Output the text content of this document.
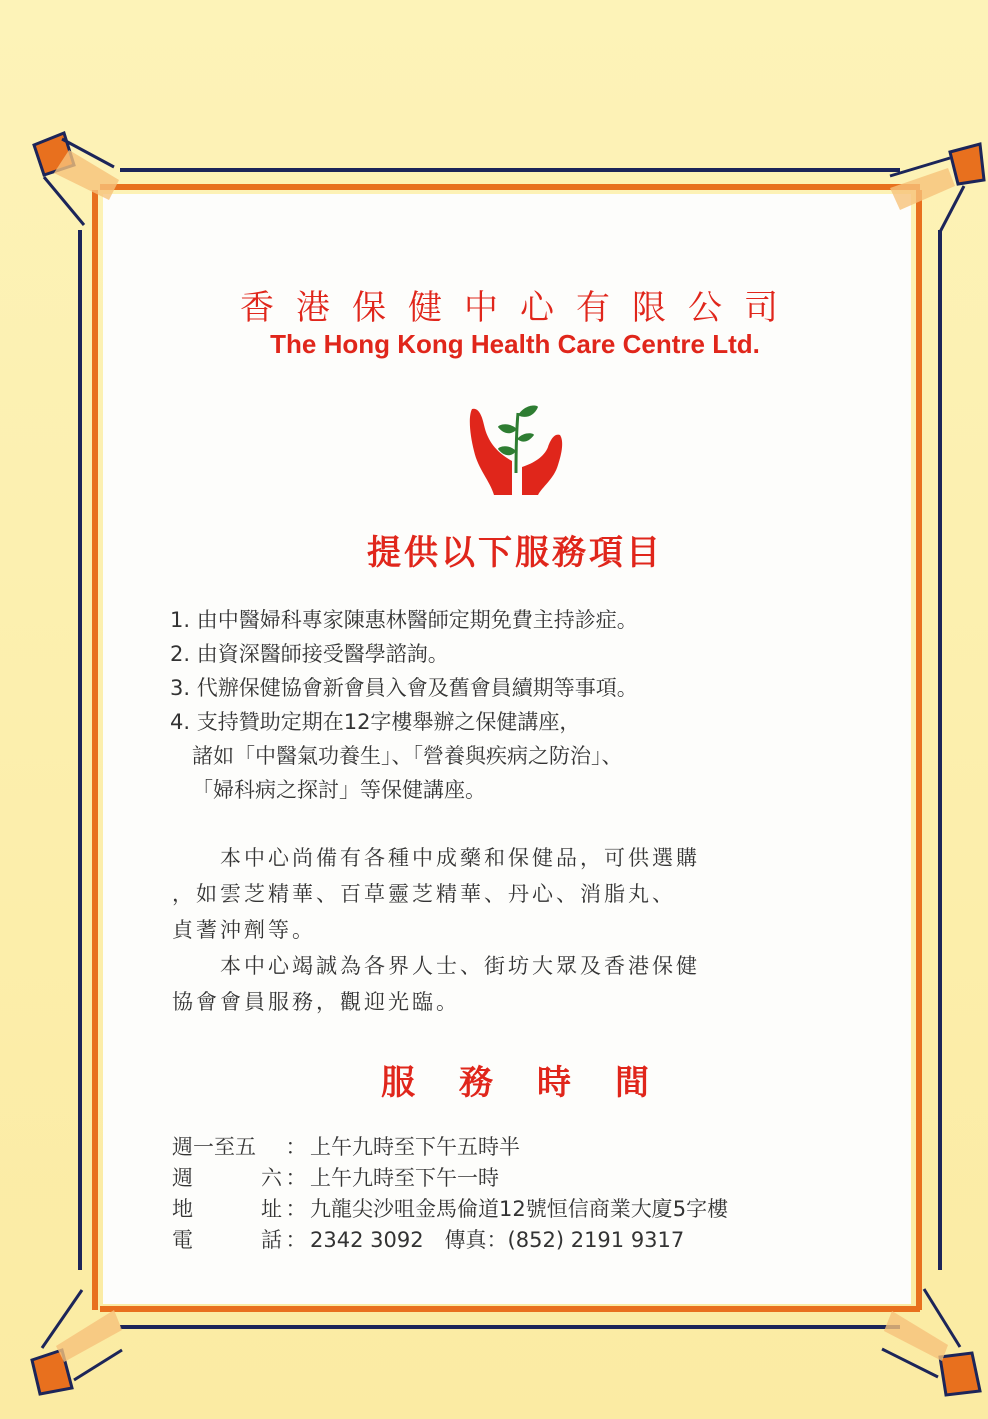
香港保健中心有限公司
The Hong Kong Health Care Centre Ltd.
提供以下服務項目
1. 由中醫婦科專家陳惠林醫師定期免費主持診症。
2. 由資深醫師接受醫學諮詢。
3. 代辦保健協會新會員入會及舊會員續期等事項。
4. 支持贊助定期在12字樓舉辦之保健講座，
諸如「中醫氣功養生」、「營養與疾病之防治」、
「婦科病之探討」等保健講座。
　　本中心尚備有各種中成藥和保健品，可供選購
，如雲芝精華、百草靈芝精華、丹心、消脂丸、
貞蓍沖劑等。
　　本中心竭誠為各界人士、街坊大眾及香港保健
協會會員服務，觀迎光臨。
服務時間
週一至五	： 上午九時至下午五時半
週	六 ： 上午九時至下午一時
地	址 ： 九龍尖沙咀金馬倫道12號恒信商業大廈5字樓
電	話 ： 2342 3092　傳真：(852) 2191 9317
